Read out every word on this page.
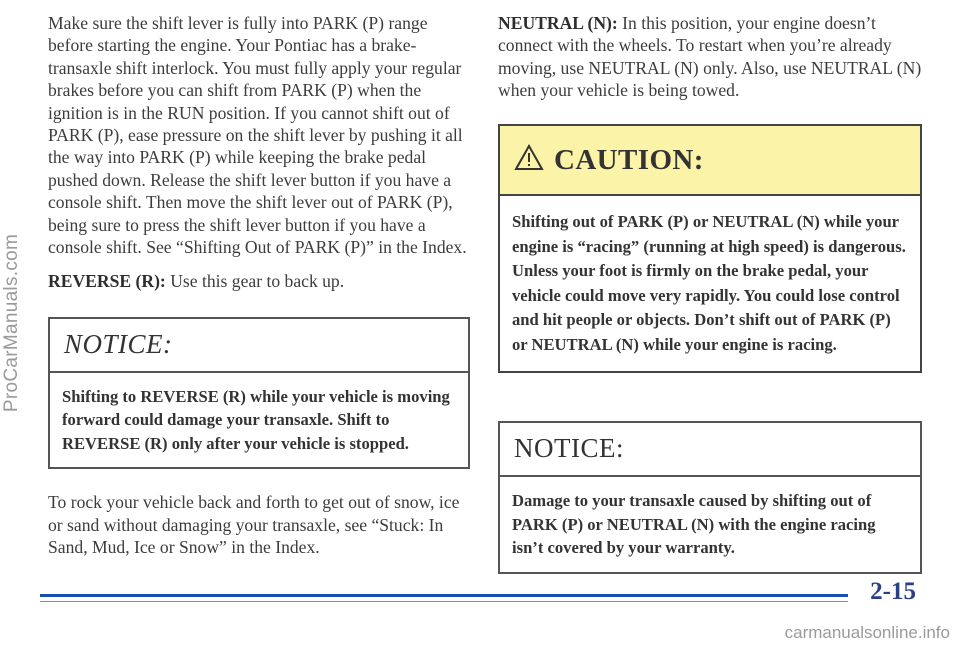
ProCarManuals.com

Make sure the shift lever is fully into PARK (P) range before starting the engine. Your Pontiac has a brake-transaxle shift interlock. You must fully apply your regular brakes before you can shift from PARK (P) when the ignition is in the RUN position. If you cannot shift out of PARK (P), ease pressure on the shift lever by pushing it all the way into PARK (P) while keeping the brake pedal pushed down. Release the shift lever button if you have a console shift. Then move the shift lever out of PARK (P), being sure to press the shift lever button if you have a console shift. See “Shifting Out of PARK (P)” in the Index.

REVERSE (R): Use this gear to back up.

NOTICE:
Shifting to REVERSE (R) while your vehicle is moving forward could damage your transaxle. Shift to REVERSE (R) only after your vehicle is stopped.

To rock your vehicle back and forth to get out of snow, ice or sand without damaging your transaxle, see “Stuck: In Sand, Mud, Ice or Snow” in the Index.

NEUTRAL (N): In this position, your engine doesn’t connect with the wheels. To restart when you’re already moving, use NEUTRAL (N) only. Also, use NEUTRAL (N) when your vehicle is being towed.

CAUTION:
Shifting out of PARK (P) or NEUTRAL (N) while your engine is “racing” (running at high speed) is dangerous. Unless your foot is firmly on the brake pedal, your vehicle could move very rapidly. You could lose control and hit people or objects. Don’t shift out of PARK (P) or NEUTRAL (N) while your engine is racing.
NOTICE:
Damage to your transaxle caused by shifting out of PARK (P) or NEUTRAL (N) with the engine racing isn’t covered by your warranty.
2-15
carmanualsonline.info
